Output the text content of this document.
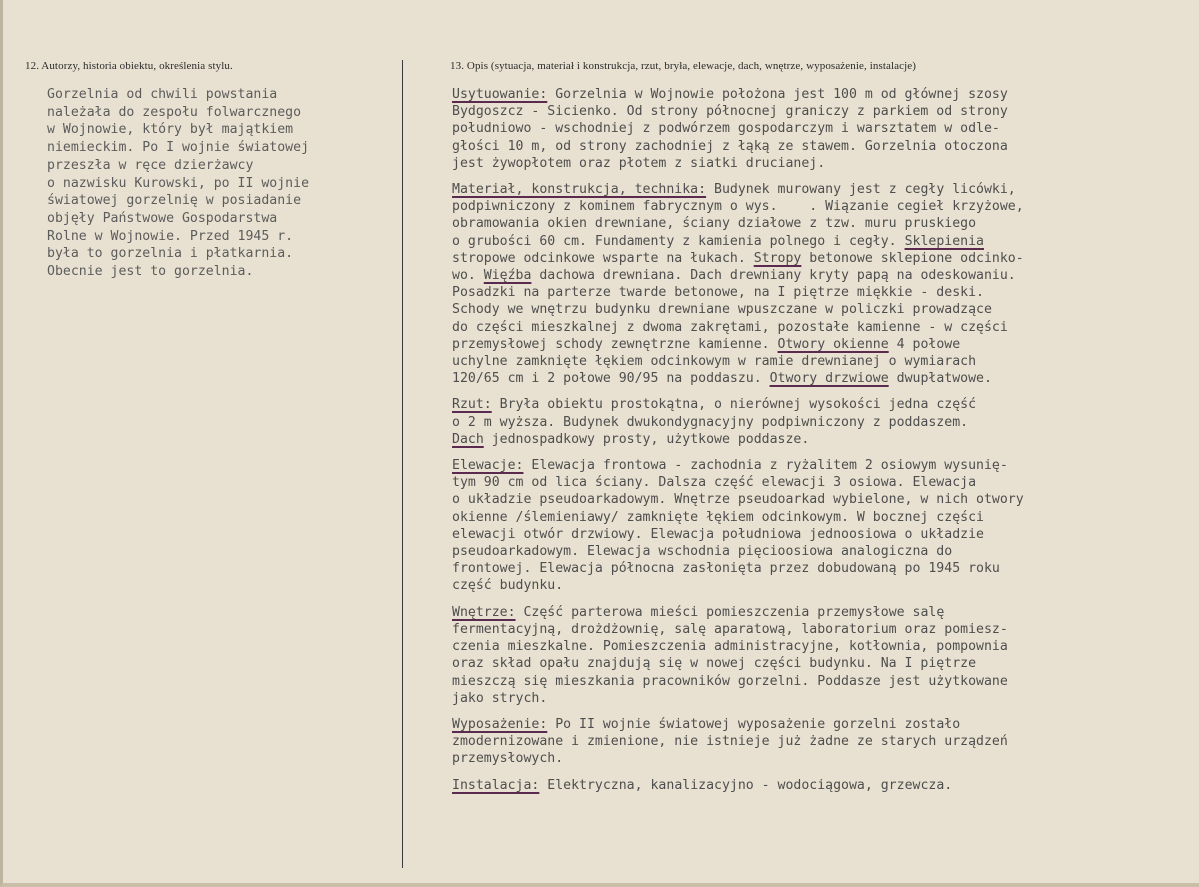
12. Autorzy, historia obiektu, określenia stylu.	13. Opis (sytuacja, materiał i konstrukcja, rzut, bryła, elewacje, dach, wnętrze, wyposażenie, instalacje)
Gorzelnia od chwili powstania
należała do zespołu folwarcznego
w Wojnowie, który był majątkiem
niemieckim. Po I wojnie światowej
przeszła w ręce dzierżawcy
o nazwisku Kurowski, po II wojnie
światowej gorzelnię w posiadanie
objęły Państwowe Gospodarstwa
Rolne w Wojnowie. Przed 1945 r.
była to gorzelnia i płatkarnia.
Obecnie jest to gorzelnia.
Usytuowanie: Gorzelnia w Wojnowie położona jest 100 m od głównej szosy
Bydgoszcz - Sicienko. Od strony północnej graniczy z parkiem od strony
południowo - wschodniej z podwórzem gospodarczym i warsztatem w odle-
głości 10 m, od strony zachodniej z łąką ze stawem. Gorzelnia otoczona
jest żywopłotem oraz płotem z siatki drucianej.
Materiał, konstrukcja, technika: Budynek murowany jest z cegły licówki,
podpiwniczony z kominem fabrycznym o wys.    . Wiązanie cegieł krzyżowe,
obramowania okien drewniane, ściany działowe z tzw. muru pruskiego
o grubości 60 cm. Fundamenty z kamienia polnego i cegły. Sklepienia
stropowe odcinkowe wsparte na łukach. Stropy betonowe sklepione odcinko-
wo. Więźba dachowa drewniana. Dach drewniany kryty papą na odeskowaniu.
Posadzki na parterze twarde betonowe, na I piętrze miękkie - deski.
Schody we wnętrzu budynku drewniane wpuszczane w policzki prowadzące
do części mieszkalnej z dwoma zakrętami, pozostałe kamienne - w części
przemysłowej schody zewnętrzne kamienne. Otwory okienne 4 połowe
uchylne zamknięte łękiem odcinkowym w ramie drewnianej o wymiarach
120/65 cm i 2 połowe 90/95 na poddaszu. Otwory drzwiowe dwupłatwowe.
Rzut: Bryła obiektu prostokątna, o nierównej wysokości jedna część
o 2 m wyższa. Budynek dwukondygnacyjny podpiwniczony z poddaszem.
Dach jednospadkowy prosty, użytkowe poddasze.
Elewacje: Elewacja frontowa - zachodnia z ryżalitem 2 osiowym wysunię-
tym 90 cm od lica ściany. Dalsza część elewacji 3 osiowa. Elewacja
o układzie pseudoarkadowym. Wnętrze pseudoarkad wybielone, w nich otwory
okienne /ślemieniawy/ zamknięte łękiem odcinkowym. W bocznej części
elewacji otwór drzwiowy. Elewacja południowa jednoosiowa o układzie
pseudoarkadowym. Elewacja wschodnia pięcioosiowa analogiczna do
frontowej. Elewacja północna zasłonięta przez dobudowaną po 1945 roku
część budynku.
Wnętrze: Część parterowa mieści pomieszczenia przemysłowe salę
fermentacyjną, drożdżownię, salę aparatową, laboratorium oraz pomiesz-
czenia mieszkalne. Pomieszczenia administracyjne, kotłownia, pompownia
oraz skład opału znajdują się w nowej części budynku. Na I piętrze
mieszczą się mieszkania pracowników gorzelni. Poddasze jest użytkowane
jako strych.
Wyposażenie: Po II wojnie światowej wyposażenie gorzelni zostało
zmodernizowane i zmienione, nie istnieje już żadne ze starych urządzeń
przemysłowych.
Instalacja: Elektryczna, kanalizacyjno - wodociągowa, grzewcza.
